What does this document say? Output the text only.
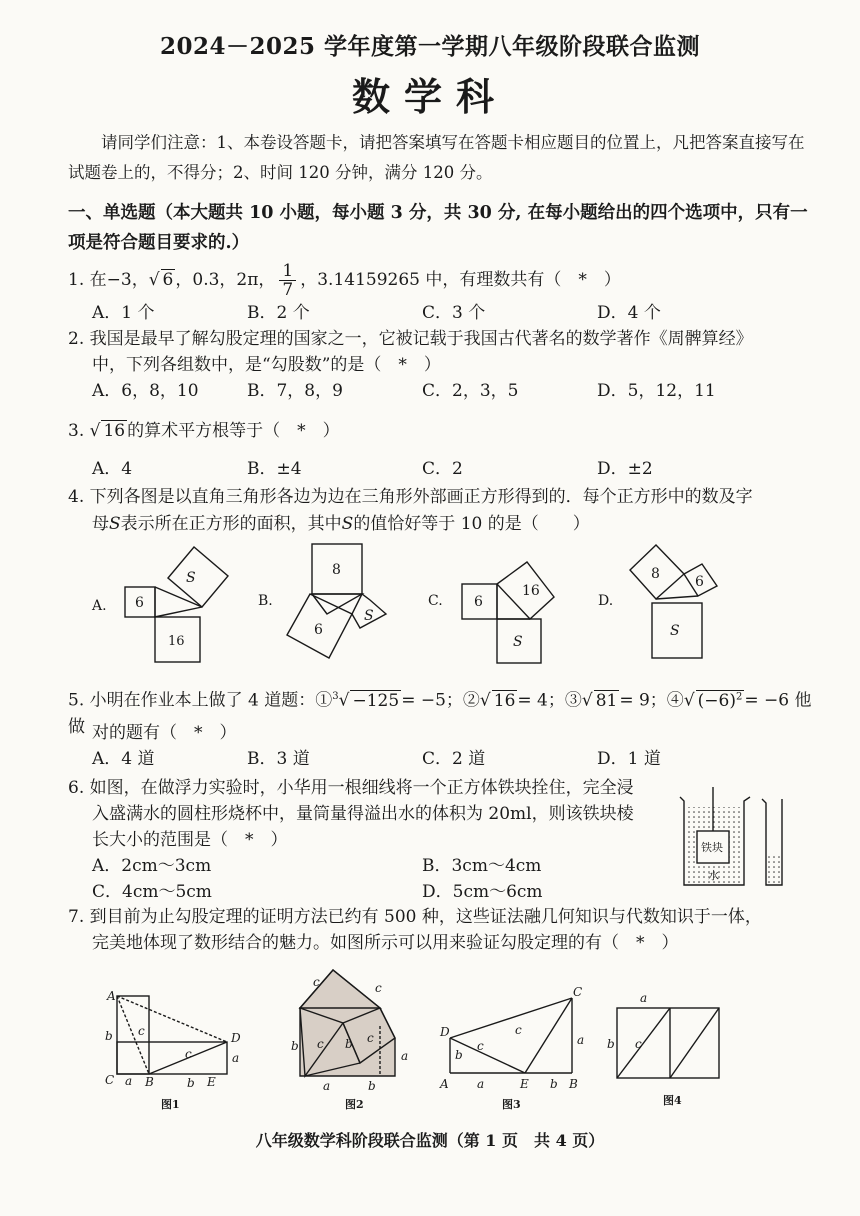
2024－2025 学年度第一学期八年级阶段联合监测
数学科
请同学们注意：1、本卷设答题卡，请把答案填写在答题卡相应题目的位置上，凡把答案直接写在试题卷上的，不得分；2、时间 120 分钟，满分 120 分。
一、单选题（本大题共 10 小题，每小题 3 分，共 30 分, 在每小题给出的四个选项中，只有一项是符合题目要求的.）
1. 在−3，√ 6 ，0.3，2π， $\frac{1}{7}$ ，3.14159265 中，有理数共有（　*　）
A．1 个	B．2 个	C．3 个	D．4 个
2. 我国是最早了解勾股定理的国家之一，它被记载于我国古代著名的数学著作《周髀算经》
中，下列各组数中，是“勾股数”的是（　*　）
A．6，8，10	B．7，8，9	C．2，3，5	D．5，12，11
3. √ 16 的算术平方根等于（　*　）
A．4	B．±4	C．2	D．±2
4. 下列各图是以直角三角形各边为边在三角形外部画正方形得到的．每个正方形中的数及字
母S表示所在正方形的面积，其中S的值恰好等于 10 的是（　　）
A.	B.	C.	D.
6
S
16
8
6
S
6
16
S
8	6
S
5. 小明在作业本上做了 4 道题：①$^3$√ −125 = −5；②√ 16 = 4；③√ 81 = 9；④√ $(-6)^2 = -6$ 他做 对的题有（　*　）
A．4 道	B．3 道	C．2 道	D．1 道
6. 如图，在做浮力实验时，小华用一根细线将一个正方体铁块拴住，完全浸
入盛满水的圆柱形烧杯中，量筒量得溢出水的体积为 20ml，则该铁块棱
长大小的范围是（　*　）
A．2cm～3cm	B．3cm～4cm
C．4cm～5cm	D．5cm～6cm
铁块
水
7. 到目前为止勾股定理的证明方法已约有 500 种，这些证法融几何知识与代数知识于一体，
完美地体现了数形结合的魅力。如图所示可以用来验证勾股定理的有（　*　）
A
C a B	E
D
b c
c	a
b
c	c
b c b c
a
a	b
D
c
c
A a	E b B
C
b
a
a
b c
图1	图2	图3	图4
八年级数学科阶段联合监测（第 1 页　共 4 页）
